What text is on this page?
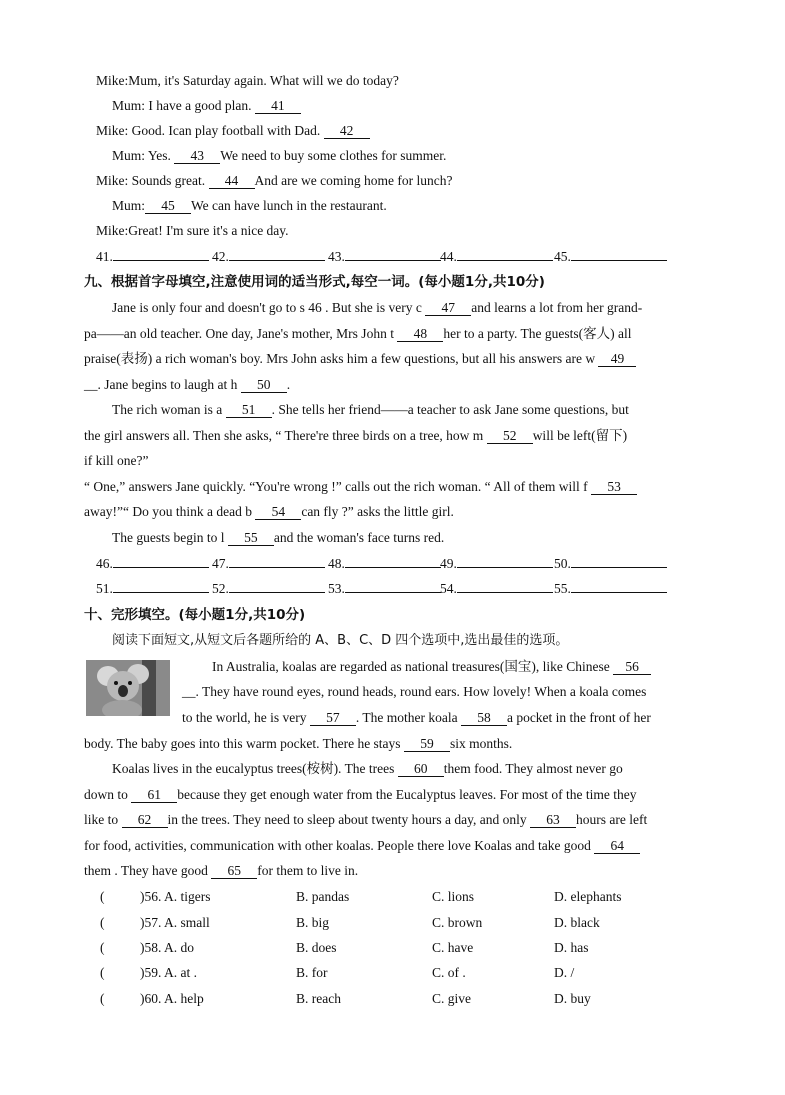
Mike:Mum, it's Saturday again. What will we do today?
Mum: I have a good plan. 41
Mike: Good. Ican play football with Dad. 42
Mum: Yes. 43 We need to buy some clothes for summer.
Mike: Sounds great. 44 And are we coming home for lunch?
Mum: 45 We can have lunch in the restaurant.
Mike:Great! I'm sure it's a nice day.
41.	42.	43.	44.	45.
九、根据首字母填空,注意使用词的适当形式,每空一词。(每小题1分,共10分)
Jane is only four and doesn't go to s 46 . But she is very c 47 and learns a lot from her grand-
pa——an old teacher. One day, Jane's mother, Mrs John t 48 her to a party. The guests(客人) all
praise(表扬) a rich woman's boy. Mrs John asks him a few questions, but all his answers are w 49
__. Jane begins to laugh at h 50 .
The rich woman is a 51 . She tells her friend——a teacher to ask Jane some questions, but
the girl answers all. Then she asks, “ There're three birds on a tree, how m 52 will be left(留下)
if kill one?”
“ One,” answers Jane quickly. “You're wrong !” calls out the rich woman. “ All of them will f 53
away!”“ Do you think a dead b 54 can fly ?” asks the little girl.
The guests begin to l 55 and the woman's face turns red.
46.	47.	48.	49.	50.
51.	52.	53.	54.	55.
十、完形填空。(每小题1分,共10分)
阅读下面短文,从短文后各题所给的 A、B、C、D 四个选项中,选出最佳的选项。
In Australia, koalas are regarded as national treasures(国宝), like Chinese 56
__. They have round eyes, round heads, round ears. How lovely! When a koala comes
to the world, he is very 57 . The mother koala 58 a pocket in the front of her
body. The baby goes into this warm pocket. There he stays 59 six months.
Koalas lives in the eucalyptus trees(桉树). The trees 60 them food. They almost never go
down to 61 because they get enough water from the Eucalyptus leaves. For most of the time they
like to 62 in the trees. They need to sleep about twenty hours a day, and only 63 hours are left
for food, activities, communication with other koalas. People there love Koalas and take good 64
them . They have good 65 for them to live in.
(	)56. A. tigers	B. pandas	C. lions	D. elephants
(	)57. A. small	B. big	C. brown	D. black
(	)58. A. do	B. does	C. have	D. has
(	)59. A. at .	B. for	C. of .	D. /
(	)60. A. help	B. reach	C. give	D. buy
